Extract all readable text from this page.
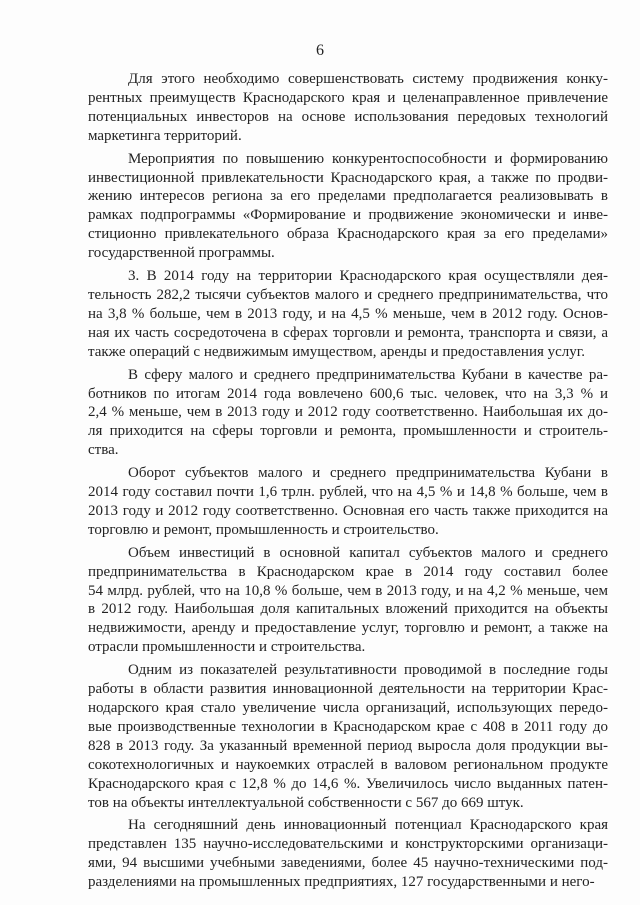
6
Для этого необходимо совершенствовать систему продвижения конку-
рентных преимуществ Краснодарского края и целенаправленное привлечение
потенциальных инвесторов на основе использования передовых технологий
маркетинга территорий.
Мероприятия по повышению конкурентоспособности и формированию
инвестиционной привлекательности Краснодарского края, а также по продви-
жению интересов региона за его пределами предполагается реализовывать в
рамках подпрограммы «Формирование и продвижение экономически и инве-
стиционно привлекательного образа Краснодарского края за его пределами»
государственной программы.
3. В 2014 году на территории Краснодарского края осуществляли дея-
тельность 282,2 тысячи субъектов малого и среднего предпринимательства, что
на 3,8 % больше, чем в 2013 году, и на 4,5 % меньше, чем в 2012 году. Основ-
ная их часть сосредоточена в сферах торговли и ремонта, транспорта и связи, а
также операций с недвижимым имуществом, аренды и предоставления услуг.
В сферу малого и среднего предпринимательства Кубани в качестве ра-
ботников по итогам 2014 года вовлечено 600,6 тыс. человек, что на 3,3 % и
2,4 % меньше, чем в 2013 году и 2012 году соответственно. Наибольшая их до-
ля приходится на сферы торговли и ремонта, промышленности и строитель-
ства.
Оборот субъектов малого и среднего предпринимательства Кубани в
2014 году составил почти 1,6 трлн. рублей, что на 4,5 % и 14,8 % больше, чем в
2013 году и 2012 году соответственно. Основная его часть также приходится на
торговлю и ремонт, промышленность и строительство.
Объем инвестиций в основной капитал субъектов малого и среднего
предпринимательства в Краснодарском крае в 2014 году составил более
54 млрд. рублей, что на 10,8 % больше, чем в 2013 году, и на 4,2 % меньше, чем
в 2012 году. Наибольшая доля капитальных вложений приходится на объекты
недвижимости, аренду и предоставление услуг, торговлю и ремонт, а также на
отрасли промышленности и строительства.
Одним из показателей результативности проводимой в последние годы
работы в области развития инновационной деятельности на территории Крас-
нодарского края стало увеличение числа организаций, использующих передо-
вые производственные технологии в Краснодарском крае с 408 в 2011 году до
828 в 2013 году. За указанный временной период выросла доля продукции вы-
сокотехнологичных и наукоемких отраслей в валовом региональном продукте
Краснодарского края с 12,8 % до 14,6 %. Увеличилось число выданных патен-
тов на объекты интеллектуальной собственности с 567 до 669 штук.
На сегодняшний день инновационный потенциал Краснодарского края
представлен 135 научно-исследовательскими и конструкторскими организаци-
ями, 94 высшими учебными заведениями, более 45 научно-техническими под-
разделениями на промышленных предприятиях, 127 государственными и него-
